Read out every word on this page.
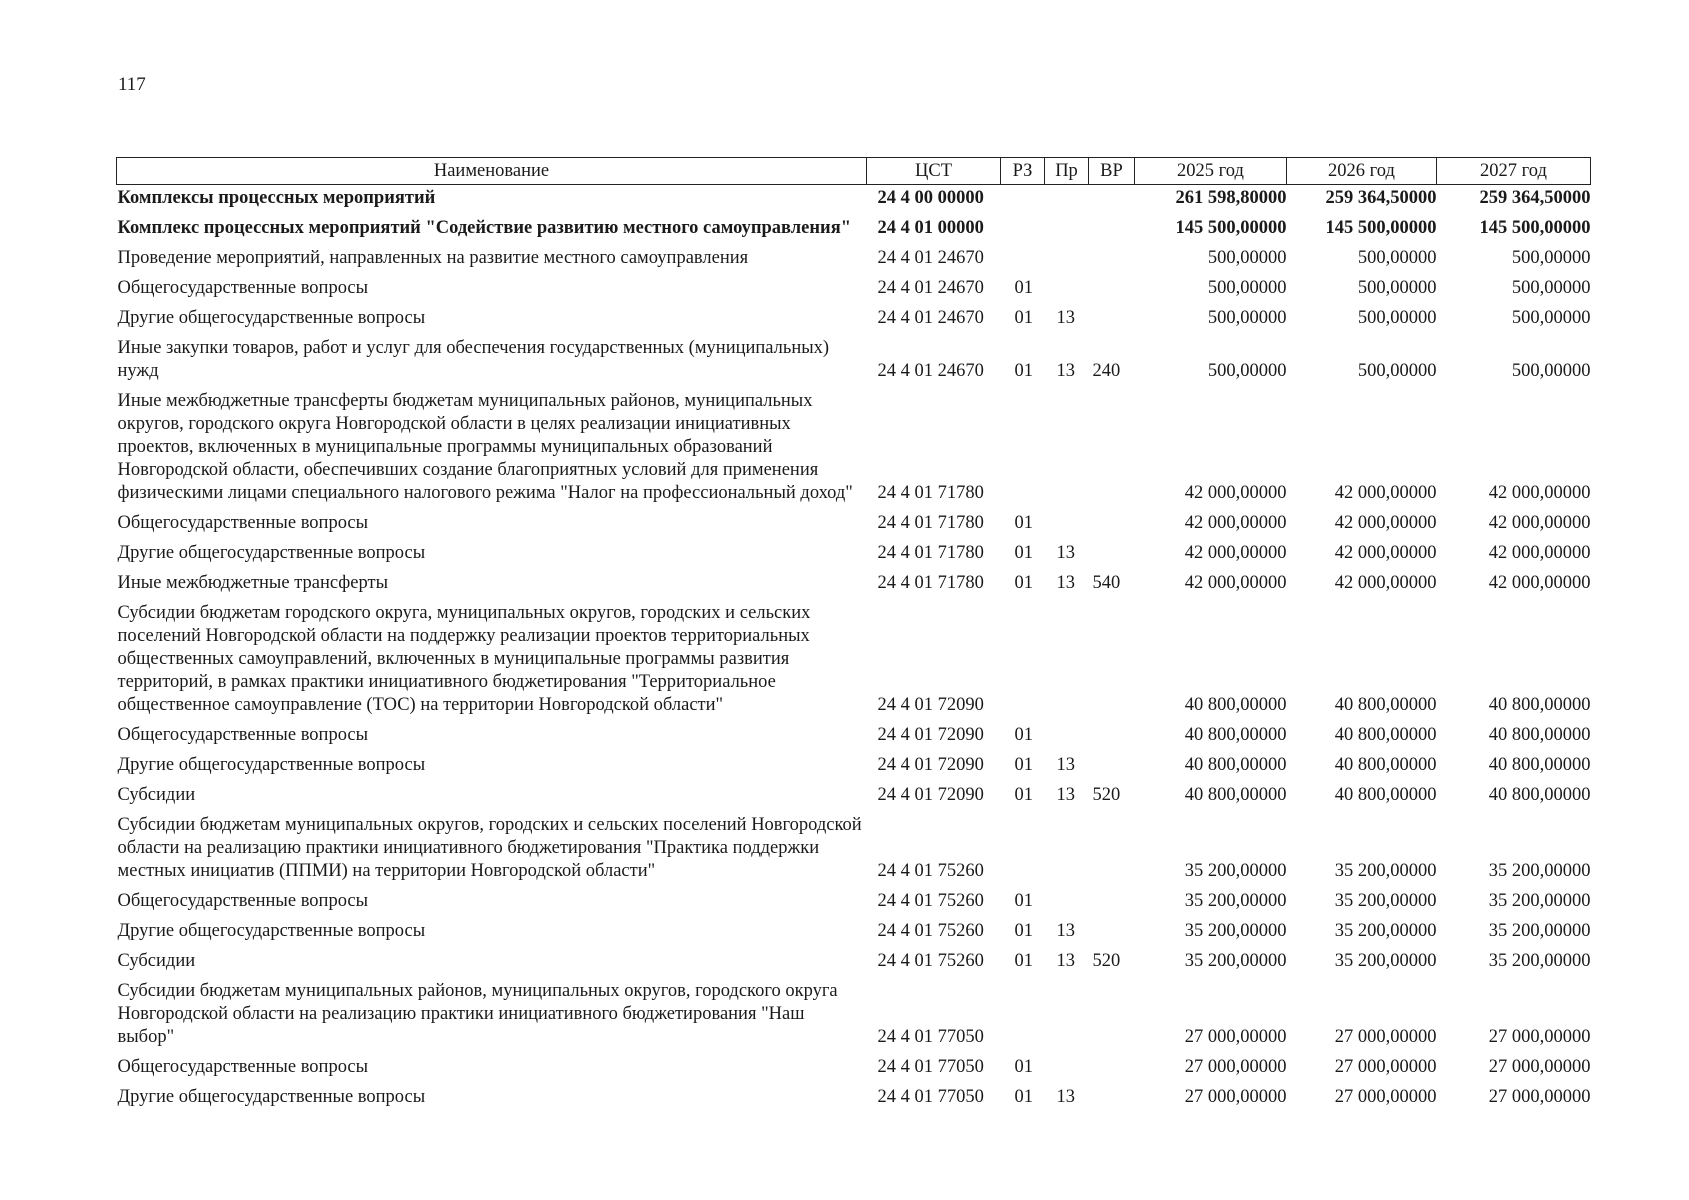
117
Наименование	ЦСТ	РЗ	Пр	ВР	2025 год	2026 год	2027 год
Комплексы процессных мероприятий	24 4 00 00000				261 598,80000	259 364,50000	259 364,50000
Комплекс процессных мероприятий "Содействие развитию местного самоуправления"	24 4 01 00000				145 500,00000	145 500,00000	145 500,00000
Проведение мероприятий, направленных на развитие местного самоуправления	24 4 01 24670				500,00000	500,00000	500,00000
Общегосударственные вопросы	24 4 01 24670	01			500,00000	500,00000	500,00000
Другие общегосударственные вопросы	24 4 01 24670	01	13		500,00000	500,00000	500,00000
Иные закупки товаров, работ и услуг для обеспечения государственных (муниципальных) нужд	24 4 01 24670	01	13	240	500,00000	500,00000	500,00000
Иные межбюджетные трансферты бюджетам муниципальных районов, муниципальных округов, городского округа Новгородской области в целях реализации инициативных проектов, включенных в муниципальные программы муниципальных образований Новгородской области, обеспечивших создание благоприятных условий для применения физическими лицами специального налогового режима "Налог на профессиональный доход"	24 4 01 71780				42 000,00000	42 000,00000	42 000,00000
Общегосударственные вопросы	24 4 01 71780	01			42 000,00000	42 000,00000	42 000,00000
Другие общегосударственные вопросы	24 4 01 71780	01	13		42 000,00000	42 000,00000	42 000,00000
Иные межбюджетные трансферты	24 4 01 71780	01	13	540	42 000,00000	42 000,00000	42 000,00000
Субсидии бюджетам городского округа, муниципальных округов, городских и сельских поселений Новгородской области на поддержку реализации проектов территориальных общественных самоуправлений, включенных в муниципальные программы развития территорий, в рамках практики инициативного бюджетирования "Территориальное общественное самоуправление (ТОС) на территории Новгородской области"	24 4 01 72090				40 800,00000	40 800,00000	40 800,00000
Общегосударственные вопросы	24 4 01 72090	01			40 800,00000	40 800,00000	40 800,00000
Другие общегосударственные вопросы	24 4 01 72090	01	13		40 800,00000	40 800,00000	40 800,00000
Субсидии	24 4 01 72090	01	13	520	40 800,00000	40 800,00000	40 800,00000
Субсидии бюджетам муниципальных округов, городских и сельских поселений Новгородской области на реализацию практики инициативного бюджетирования "Практика поддержки местных инициатив (ППМИ) на территории Новгородской области"	24 4 01 75260				35 200,00000	35 200,00000	35 200,00000
Общегосударственные вопросы	24 4 01 75260	01			35 200,00000	35 200,00000	35 200,00000
Другие общегосударственные вопросы	24 4 01 75260	01	13		35 200,00000	35 200,00000	35 200,00000
Субсидии	24 4 01 75260	01	13	520	35 200,00000	35 200,00000	35 200,00000
Субсидии бюджетам муниципальных районов, муниципальных округов, городского округа Новгородской области на реализацию практики инициативного бюджетирования "Наш выбор"	24 4 01 77050				27 000,00000	27 000,00000	27 000,00000
Общегосударственные вопросы	24 4 01 77050	01			27 000,00000	27 000,00000	27 000,00000
Другие общегосударственные вопросы	24 4 01 77050	01	13		27 000,00000	27 000,00000	27 000,00000
